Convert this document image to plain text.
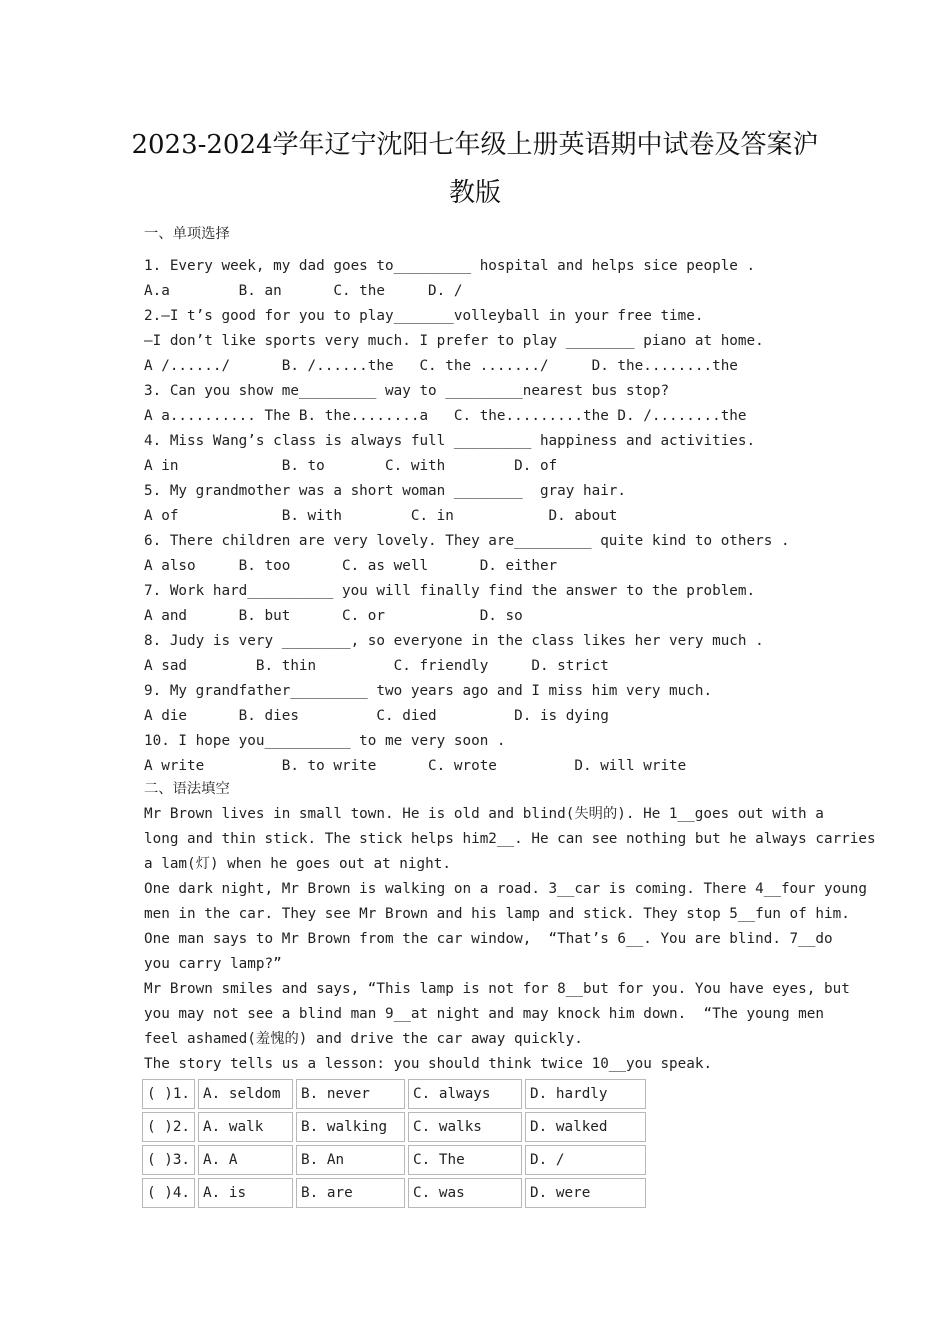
2023-2024学年辽宁沈阳七年级上册英语期中试卷及答案沪
教版
一、单项选择
1. Every week, my dad goes to_________ hospital and helps sice people .
A.a        B. an      C. the     D. /
2.—I t’s good for you to play_______volleyball in your free time.
—I don’t like sports very much. I prefer to play ________ piano at home.
A /....../      B. /......the   C. the ......./     D. the........the
3. Can you show me_________ way to _________nearest bus stop?
A a.......... The B. the........a   C. the.........the D. /........the
4. Miss Wang’s class is always full _________ happiness and activities.
A in            B. to       C. with        D. of
5. My grandmother was a short woman ________  gray hair.
A of            B. with        C. in           D. about
6. There children are very lovely. They are_________ quite kind to others .
A also     B. too      C. as well      D. either
7. Work hard__________ you will finally find the answer to the problem.
A and      B. but      C. or           D. so
8. Judy is very ________, so everyone in the class likes her very much .
A sad        B. thin         C. friendly     D. strict
9. My grandfather_________ two years ago and I miss him very much.
A die      B. dies         C. died         D. is dying
10. I hope you__________ to me very soon .
A write         B. to write      C. wrote         D. will write
二、语法填空
Mr Brown lives in small town. He is old and blind(失明的). He 1__goes out with a
long and thin stick. The stick helps him2__. He can see nothing but he always carries
a lam(灯) when he goes out at night.
One dark night, Mr Brown is walking on a road. 3__car is coming. There 4__four young
men in the car. They see Mr Brown and his lamp and stick. They stop 5__fun of him.
One man says to Mr Brown from the car window,  “That’s 6__. You are blind. 7__do
you carry lamp?”
Mr Brown smiles and says, “This lamp is not for 8__but for you. You have eyes, but
you may not see a blind man 9__at night and may knock him down.  “The young men
feel ashamed(羞愧的) and drive the car away quickly.
The story tells us a lesson: you should think twice 10__you speak.
( )1.	A. seldom	B. never	C. always	D. hardly
( )2.	A. walk	B. walking	C. walks	D. walked
( )3.	A. A	B. An	C. The	D. /
( )4.	A. is	B. are	C. was	D. were
